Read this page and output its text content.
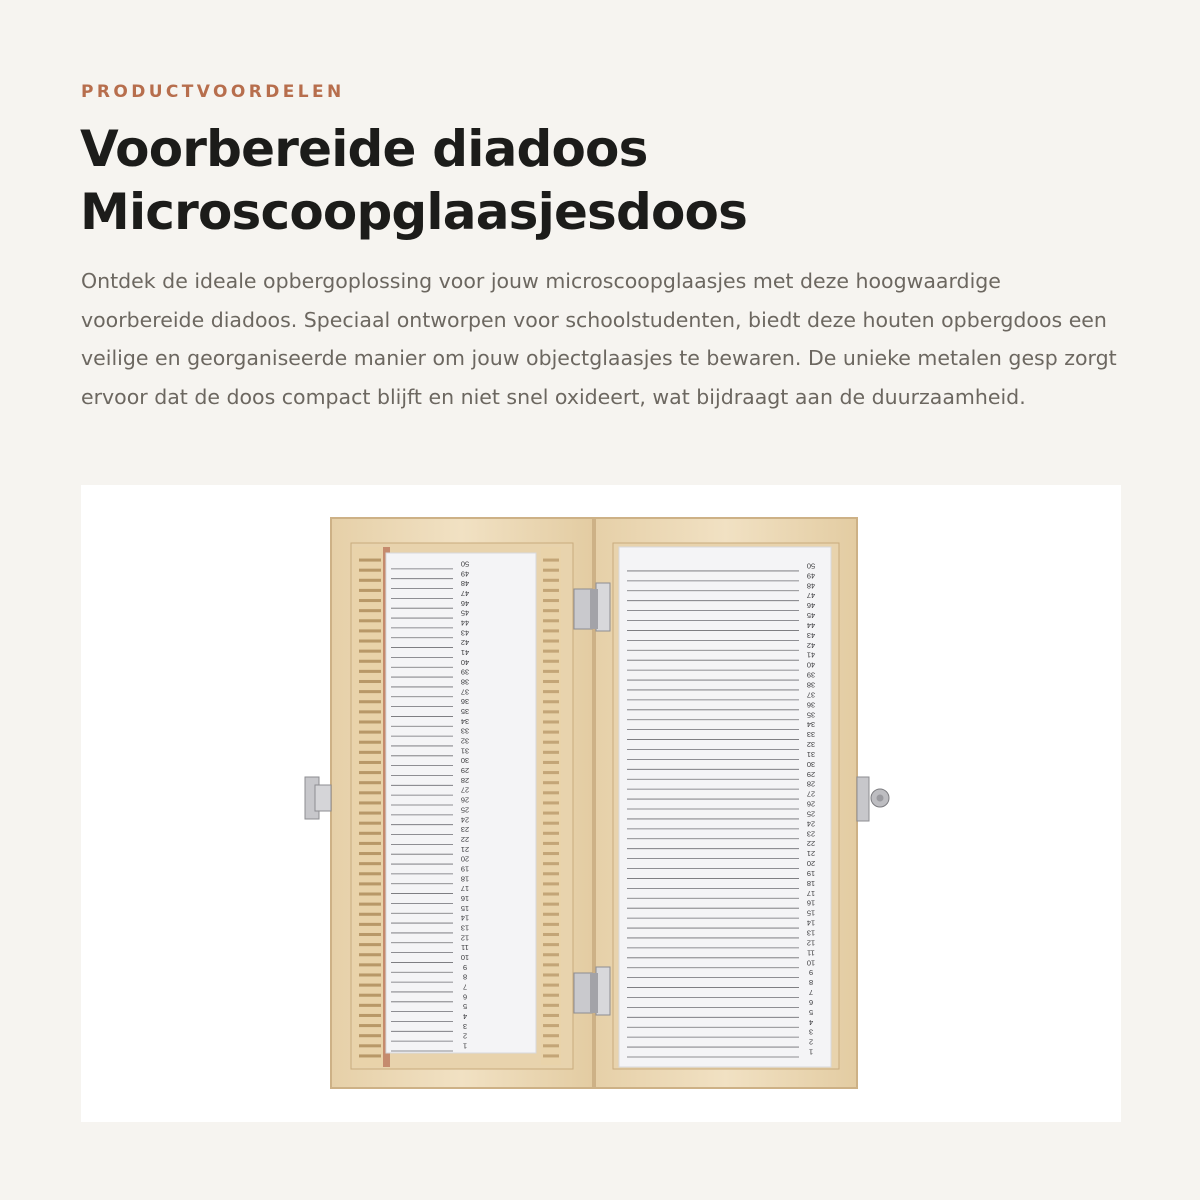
PRODUCTVOORDELEN
Voorbereide diadoos
Microscoopglaasjesdoos

Ontdek de ideale opbergoplossing voor jouw microscoopglaasjes met deze hoogwaardige voorbereide diadoos. Speciaal ontworpen voor schoolstudenten, biedt deze houten opbergdoos een veilige en georganiseerde manier om jouw objectglaasjes te bewaren. De unieke metalen gesp zorgt ervoor dat de doos compact blijft en niet snel oxideert, wat bijdraagt aan de duurzaamheid.

1
2
3
4
5
6
7
8
9
10
11
12
13
14
15
16
17
18
19
20
21
22
23
24
25
26
27
28
29
30
31
32
33
34
35
36
37
38
39
40
41
42
43
44
45
46
47
48
49
50
1
2
3
4
5
6
7
8
9
10
11
12
13
14
15
16
17
18
19
20
21
22
23
24
25
26
27
28
29
30
31
32
33
34
35
36
37
38
39
40
41
42
43
44
45
46
47
48
49
50
